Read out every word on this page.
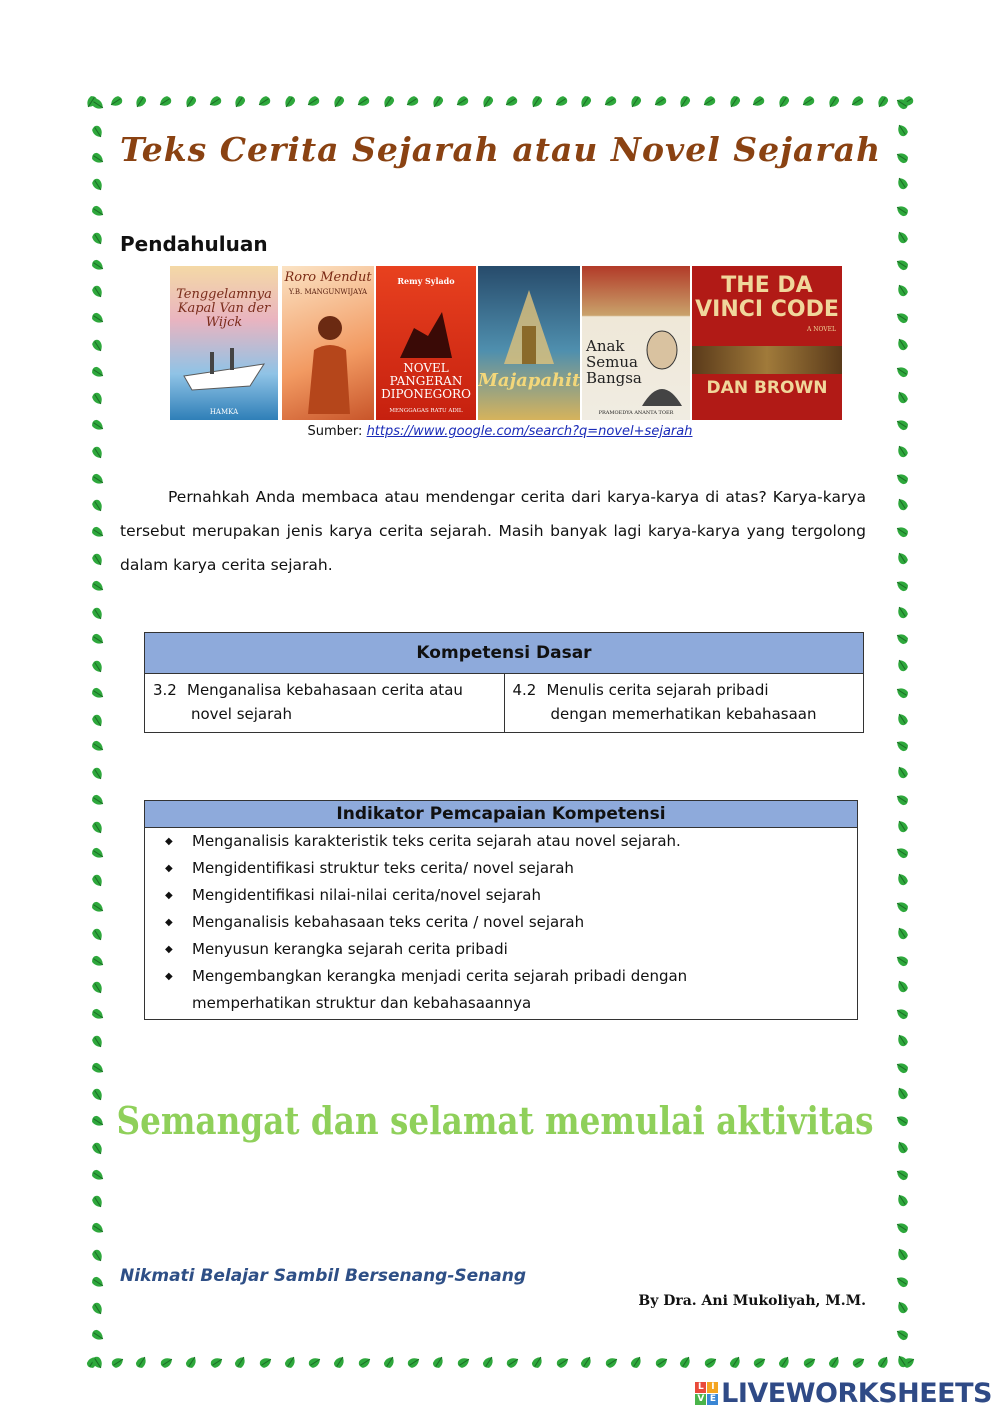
Teks Cerita Sejarah atau Novel Sejarah
Pendahuluan
Tenggelamnya Kapal Van der Wijck
HAMKA
Roro Mendut
Y.B. MANGUNWIJAYA
Remy Sylado
NOVEL PANGERAN DIPONEGORO
MENGGAGAS RATU ADIL
Majapahit
Anak Semua Bangsa
PRAMOEDYA ANANTA TOER
THE DA VINCI CODE
DAN BROWN
A NOVEL
Sumber: https://www.google.com/search?q=novel+sejarah
Pernahkah Anda membaca atau mendengar cerita dari karya-karya di atas? Karya-karya tersebut merupakan jenis karya cerita sejarah. Masih banyak lagi karya-karya yang tergolong dalam karya cerita sejarah.
Kompetensi Dasar
3.2 Menganalisa kebahasaan cerita atau
novel sejarah
	4.2 Menulis cerita sejarah pribadi
dengan memerhatikan kebahasaan
Indikator Pemcapaian Kompetensi
◆ Menganalisis karakteristik teks cerita sejarah atau novel sejarah.
◆ Mengidentifikasi struktur teks cerita/ novel sejarah
◆ Mengidentifikasi nilai-nilai cerita/novel sejarah
◆ Menganalisis kebahasaan teks cerita / novel sejarah
◆ Menyusun kerangka sejarah cerita pribadi
◆ Mengembangkan kerangka menjadi cerita sejarah pribadi dengan memperhatikan struktur dan kebahasaannya
Semangat dan selamat memulai aktivitas
Nikmati Belajar Sambil Bersenang-Senang
By Dra. Ani Mukoliyah, M.M.
L I
V E LIVEWORKSHEETS
